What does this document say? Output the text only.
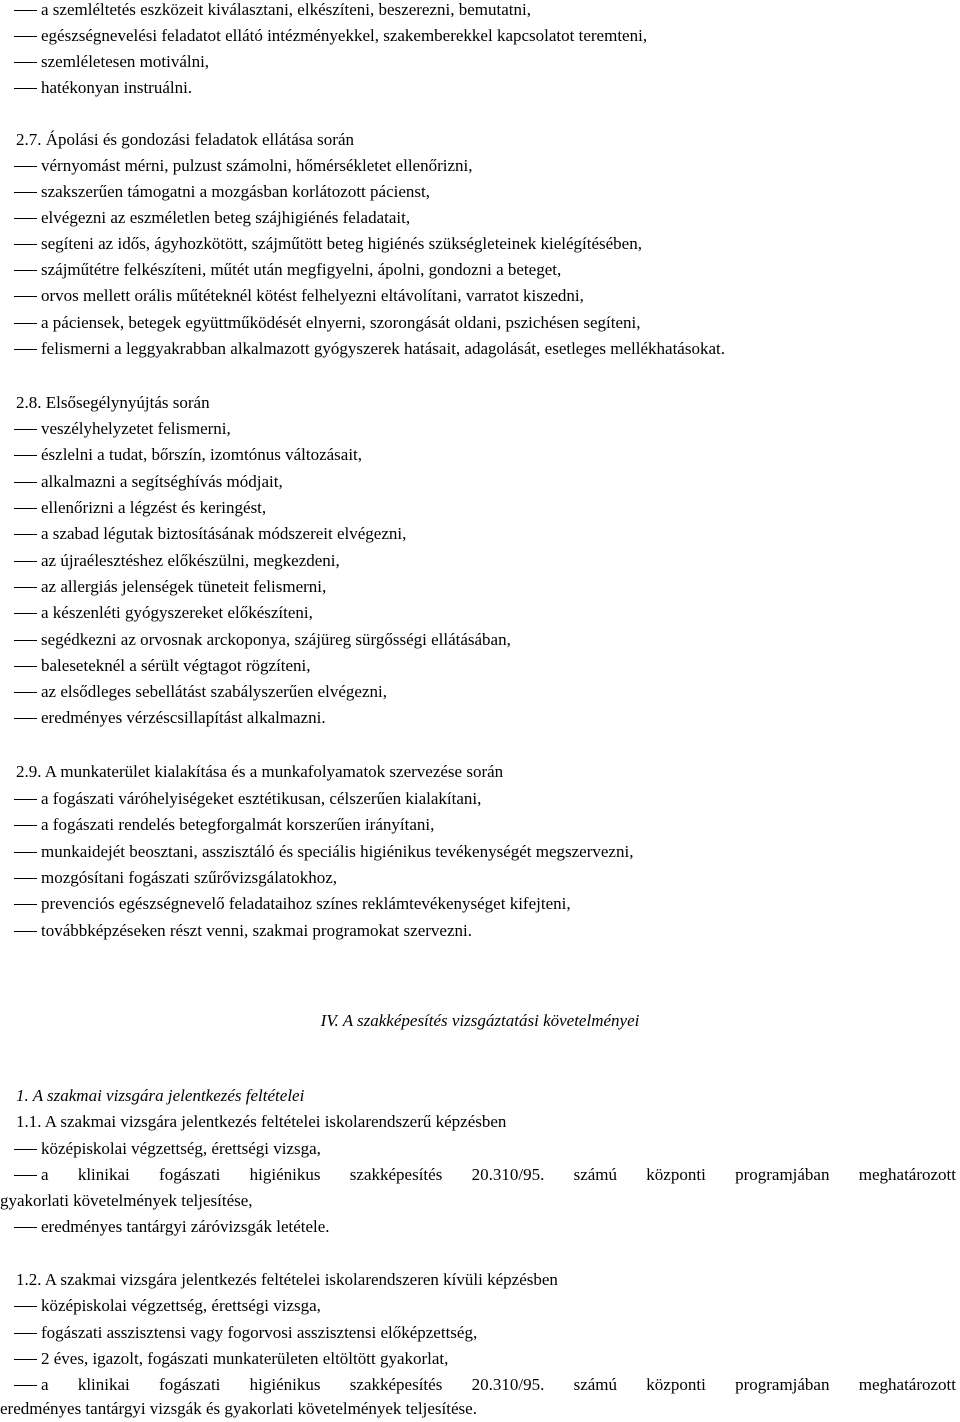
a szemléltetés eszközeit kiválasztani, elkészíteni, beszerezni, bemutatni,
egészségnevelési feladatot ellátó intézményekkel, szakemberekkel kapcsolatot teremteni,
szemléletesen motiválni,
hatékonyan instruálni.
2.7. Ápolási és gondozási feladatok ellátása során
vérnyomást mérni, pulzust számolni, hőmérsékletet ellenőrizni,
szakszerűen támogatni a mozgásban korlátozott pácienst,
elvégezni az eszméletlen beteg szájhigiénés feladatait,
segíteni az idős, ágyhozkötött, szájműtött beteg higiénés szükségleteinek kielégítésében,
szájműtétre felkészíteni, műtét után megfigyelni, ápolni, gondozni a beteget,
orvos mellett orális műtéteknél kötést felhelyezni eltávolítani, varratot kiszedni,
a páciensek, betegek együttműködését elnyerni, szorongását oldani, pszichésen segíteni,
felismerni a leggyakrabban alkalmazott gyógyszerek hatásait, adagolását, esetleges mellékhatásokat.
2.8. Elsősegélynyújtás során
veszélyhelyzetet felismerni,
észlelni a tudat, bőrszín, izomtónus változásait,
alkalmazni a segítséghívás módjait,
ellenőrizni a légzést és keringést,
a szabad légutak biztosításának módszereit elvégezni,
az újraélesztéshez előkészülni, megkezdeni,
az allergiás jelenségek tüneteit felismerni,
a készenléti gyógyszereket előkészíteni,
segédkezni az orvosnak arckoponya, szájüreg sürgősségi ellátásában,
baleseteknél a sérült végtagot rögzíteni,
az elsődleges sebellátást szabályszerűen elvégezni,
eredményes vérzéscsillapítást alkalmazni.
2.9. A munkaterület kialakítása és a munkafolyamatok szervezése során
a fogászati váróhelyiségeket esztétikusan, célszerűen kialakítani,
a fogászati rendelés betegforgalmát korszerűen irányítani,
munkaidejét beosztani, asszisztáló és speciális higiénikus tevékenységét megszervezni,
mozgósítani fogászati szűrővizsgálatokhoz,
prevenciós egészségnevelő feladataihoz színes reklámtevékenységet kifejteni,
továbbképzéseken részt venni, szakmai programokat szervezni.
IV. A szakképesítés vizsgáztatási követelményei
1. A szakmai vizsgára jelentkezés feltételei
1.1. A szakmai vizsgára jelentkezés feltételei iskolarendszerű képzésben
középiskolai végzettség, érettségi vizsga,
a klinikai fogászati higiénikus szakképesítés 20.310/95. számú központi programjában meghatározott
gyakorlati követelmények teljesítése,
eredményes tantárgyi záróvizsgák letétele.
1.2. A szakmai vizsgára jelentkezés feltételei iskolarendszeren kívüli képzésben
középiskolai végzettség, érettségi vizsga,
fogászati asszisztensi vagy fogorvosi asszisztensi előképzettség,
2 éves, igazolt, fogászati munkaterületen eltöltött gyakorlat,
a klinikai fogászati higiénikus szakképesítés 20.310/95. számú központi programjában meghatározott
eredményes tantárgyi vizsgák és gyakorlati követelmények teljesítése.
